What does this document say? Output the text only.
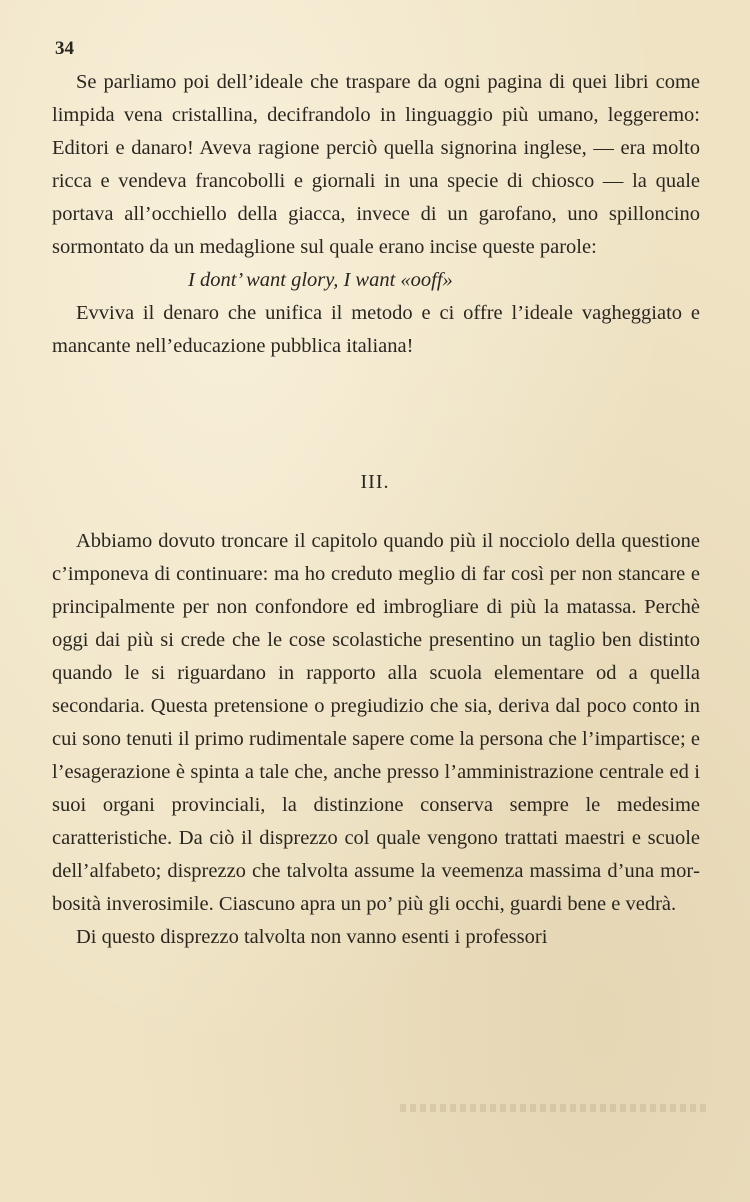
34

Se parliamo poi dell’ideale che traspare da ogni pagina di quei libri come limpida vena cristallina, decifrandolo in linguaggio più umano, leggeremo: Editori e danaro! Aveva ragione perciò quella signorina inglese, — era molto ricca e vendeva francobolli e giornali in una specie di chiosco — la quale portava all’occhiello della giacca, invece di un garofano, uno spilloncino sormontato da un medaglione sul quale erano incise queste parole:

I dont’ want glory, I want «ooff»

Evviva il denaro che unifica il metodo e ci offre l’ideale vagheggiato e mancante nell’educazione pubblica italiana!

III.

Abbiamo dovuto troncare il capitolo quando più il nocciolo della questione c’imponeva di continuare: ma ho creduto meglio di far così per non stancare e principalmente per non confondore ed imbrogliare di più la matassa. Perchè oggi dai più si crede che le cose scolastiche presentino un taglio ben distinto quando le si riguardano in rapporto alla scuola elementare od a quella secondaria. Questa pretensione o pregiudizio che sia, deriva dal poco conto in cui sono tenuti il primo rudimentale sapere come la persona che l’impartisce; e l’esagerazione è spinta a tale che, anche presso l’amministrazione centrale ed i suoi organi provinciali, la distinzione conserva sempre le medesime caratteristiche. Da ciò il disprezzo col quale vengono trattati maestri e scuole dell’alfabeto; disprezzo che talvolta assume la veemenza massima d’una morbosità inverosimile. Ciascuno apra un po’ più gli occhi, guardi bene e vedrà.

Di questo disprezzo talvolta non vanno esenti i professori
